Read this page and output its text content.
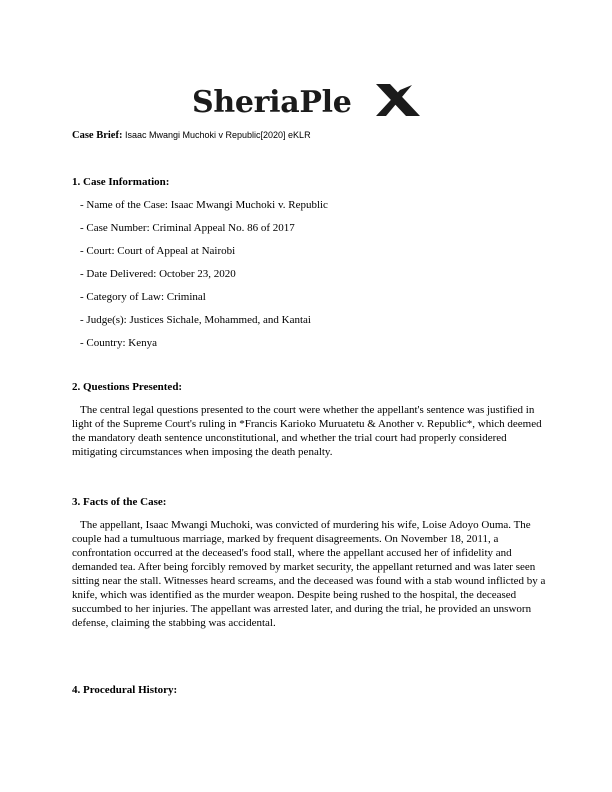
SheriaPle
Case Brief: Isaac Mwangi Muchoki v Republic[2020] eKLR
1. Case Information:
- Name of the Case: Isaac Mwangi Muchoki v. Republic
- Case Number: Criminal Appeal No. 86 of 2017
- Court: Court of Appeal at Nairobi
- Date Delivered: October 23, 2020
- Category of Law: Criminal
- Judge(s): Justices Sichale, Mohammed, and Kantai
- Country: Kenya
2. Questions Presented:

The central legal questions presented to the court were whether the appellant's sentence was justified in light of the Supreme Court's ruling in *Francis Karioko Muruatetu & Another v. Republic*, which deemed the mandatory death sentence unconstitutional, and whether the trial court had properly considered mitigating circumstances when imposing the death penalty.

3. Facts of the Case:

The appellant, Isaac Mwangi Muchoki, was convicted of murdering his wife, Loise Adoyo Ouma. The couple had a tumultuous marriage, marked by frequent disagreements. On November 18, 2011, a confrontation occurred at the deceased's food stall, where the appellant accused her of infidelity and demanded tea. After being forcibly removed by market security, the appellant returned and was later seen sitting near the stall. Witnesses heard screams, and the deceased was found with a stab wound inflicted by a knife, which was identified as the murder weapon. Despite being rushed to the hospital, the deceased succumbed to her injuries. The appellant was arrested later, and during the trial, he provided an unsworn defense, claiming the stabbing was accidental.

4. Procedural History:
